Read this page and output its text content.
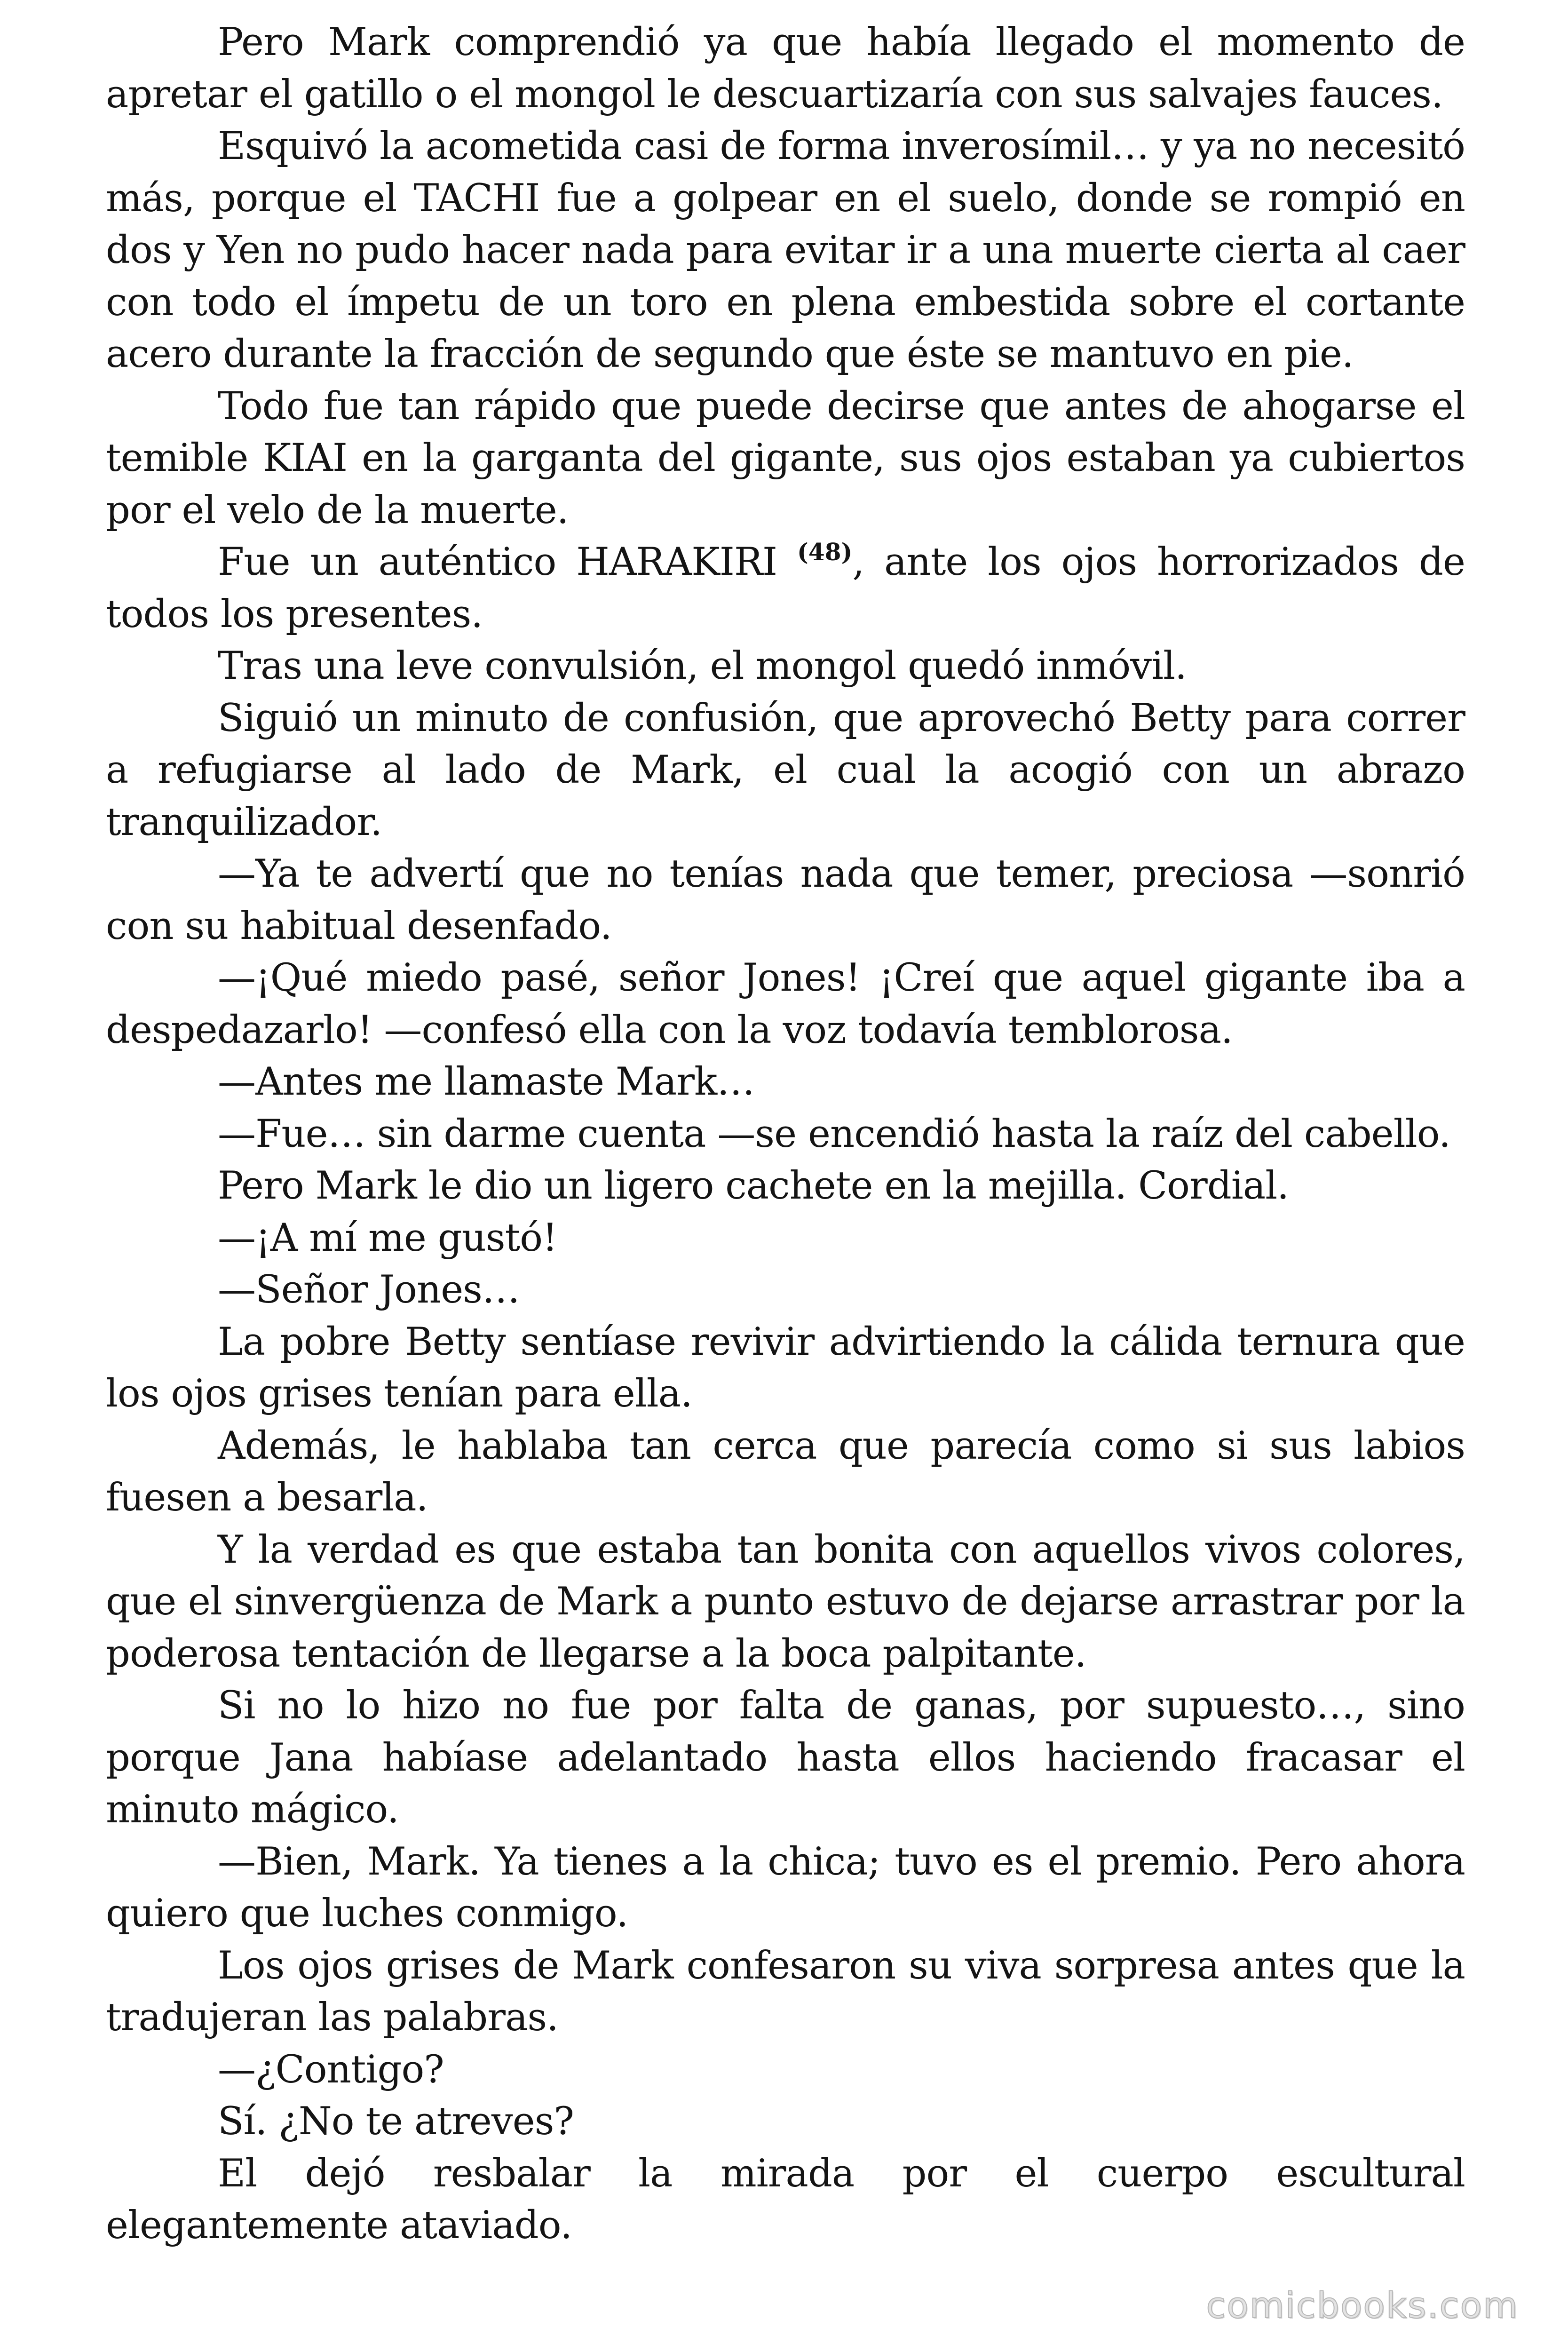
Pero Mark comprendió ya que había llegado el momento de apretar el gatillo o el mongol le descuartizaría con sus salvajes fauces.

Esquivó la acometida casi de forma inverosímil… y ya no necesitó más, porque el TACHI fue a golpear en el suelo, donde se rompió en dos y Yen no pudo hacer nada para evitar ir a una muerte cierta al caer con todo el ímpetu de un toro en plena embestida sobre el cortante acero durante la fracción de segundo que éste se mantuvo en pie.

Todo fue tan rápido que puede decirse que antes de ahogarse el temible KIAI en la garganta del gigante, sus ojos estaban ya cubiertos por el velo de la muerte.

Fue un auténtico HARAKIRI $^{(48)}$, ante los ojos horrorizados de todos los presentes.

Tras una leve convulsión, el mongol quedó inmóvil.

Siguió un minuto de confusión, que aprovechó Betty para correr a refugiarse al lado de Mark, el cual la acogió con un abrazo tranquilizador.

—Ya te advertí que no tenías nada que temer, preciosa —sonrió con su habitual desenfado.

—¡Qué miedo pasé, señor Jones! ¡Creí que aquel gigante iba a despedazarlo! —confesó ella con la voz todavía temblorosa.

—Antes me llamaste Mark…

—Fue… sin darme cuenta —se encendió hasta la raíz del cabello.

Pero Mark le dio un ligero cachete en la mejilla. Cordial.

—¡A mí me gustó!

—Señor Jones…

La pobre Betty sentíase revivir advirtiendo la cálida ternura que los ojos grises tenían para ella.

Además, le hablaba tan cerca que parecía como si sus labios fuesen a besarla.

Y la verdad es que estaba tan bonita con aquellos vivos colores, que el sinvergüenza de Mark a punto estuvo de dejarse arrastrar por la poderosa tentación de llegarse a la boca palpitante.

Si no lo hizo no fue por falta de ganas, por supuesto…, sino porque Jana habíase adelantado hasta ellos haciendo fracasar el minuto mágico.

—Bien, Mark. Ya tienes a la chica; tuvo es el premio. Pero ahora quiero que luches conmigo.

Los ojos grises de Mark confesaron su viva sorpresa antes que la tradujeran las palabras.

—¿Contigo?

Sí. ¿No te atreves?

El dejó resbalar la mirada por el cuerpo escultural elegantemente ataviado.

comicbooks.com
